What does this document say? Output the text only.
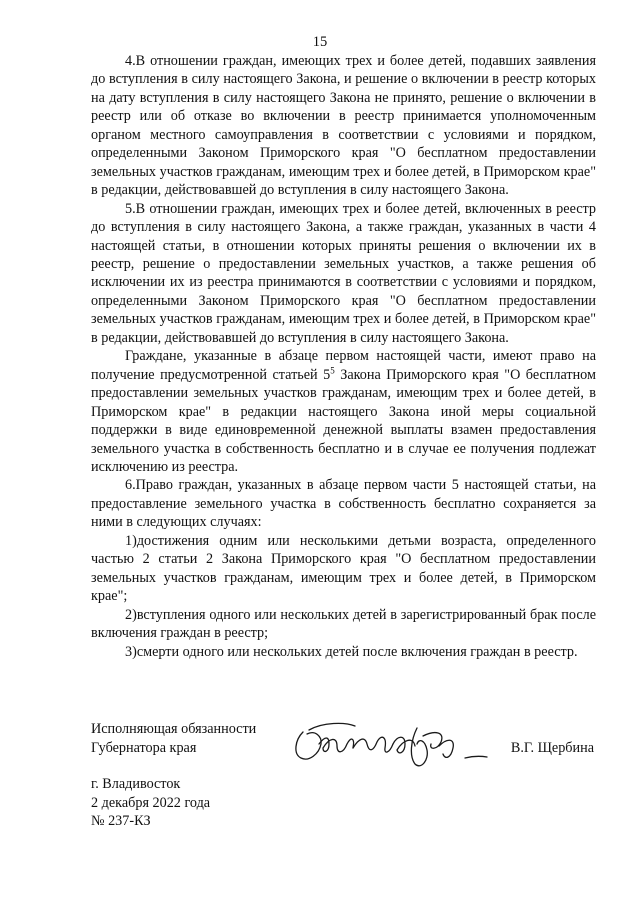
15

4.В отношении граждан, имеющих трех и более детей, подавших заявления до вступления в силу настоящего Закона, и решение о включении в реестр которых на дату вступления в силу настоящего Закона не принято, решение о включении в реестр или об отказе во включении в реестр принимается уполномоченным органом местного самоуправления в соответствии с условиями и порядком, определенными Законом Приморского края "О бесплатном предоставлении земельных участков гражданам, имеющим трех и более детей, в Приморском крае" в редакции, действовавшей до вступления в силу настоящего Закона.

5.В отношении граждан, имеющих трех и более детей, включенных в реестр до вступления в силу настоящего Закона, а также граждан, указанных в части 4 настоящей статьи, в отношении которых приняты решения о включении их в реестр, решение о предоставлении земельных участков, а также решения об исключении их из реестра принимаются в соответствии с условиями и порядком, определенными Законом Приморского края "О бесплатном предоставлении земельных участков гражданам, имеющим трех и более детей, в Приморском крае" в редакции, действовавшей до вступления в силу настоящего Закона.

Граждане, указанные в абзаце первом настоящей части, имеют право на получение предусмотренной статьей $5^5$ Закона Приморского края "О бесплатном предоставлении земельных участков гражданам, имеющим трех и более детей, в Приморском крае" в редакции настоящего Закона иной меры социальной поддержки в виде единовременной денежной выплаты взамен предоставления земельного участка в собственность бесплатно и в случае ее получения подлежат исключению из реестра.

6.Право граждан, указанных в абзаце первом части 5 настоящей статьи, на предоставление земельного участка в собственность бесплатно сохраняется за ними в следующих случаях:

1)достижения одним или несколькими детьми возраста, определенного частью 2 статьи 2 Закона Приморского края "О бесплатном предоставлении земельных участков гражданам, имеющим трех и более детей, в Приморском крае";

2)вступления одного или нескольких детей в зарегистрированный брак после включения граждан в реестр;

3)смерти одного или нескольких детей после включения граждан в реестр.

Исполняющая обязанности
Губернатора края	В.Г. Щербина
г. Владивосток
2 декабря 2022 года
№ 237-КЗ
